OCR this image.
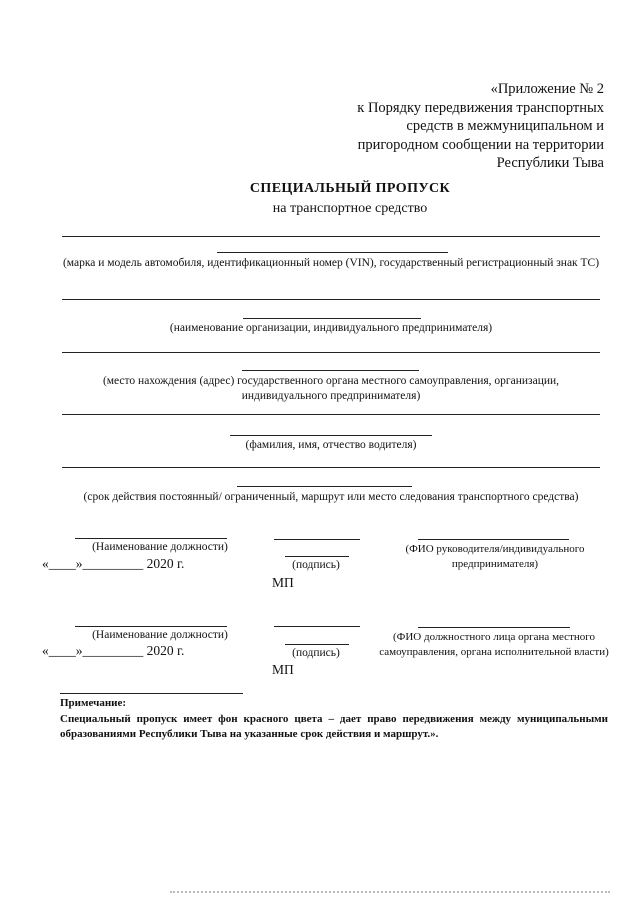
«Приложение № 2
к Порядку передвижения транспортных
средств в межмуниципальном и
пригородном сообщении на территории
Республики Тыва
СПЕЦИАЛЬНЫЙ ПРОПУСК
на транспортное средство
(марка и модель автомобиля, идентификационный номер (VIN), государственный регистрационный знак ТС)
(наименование организации, индивидуального предпринимателя)
(место нахождения (адрес) государственного органа местного самоуправления, организации, индивидуального предпринимателя)
(фамилия, имя, отчество водителя)
(срок действия постоянный/ ограниченный, маршрут или место следования транспортного средства)
(Наименование должности)
«____»_________ 2020 г.	(подпись)
МП
(ФИО руководителя/индивидуального предпринимателя)
(Наименование должности)
«____»_________ 2020 г.	(подпись)
МП
(ФИО должностного лица органа местного самоуправления, органа исполнительной власти)
Примечание:
Специальный пропуск имеет фон красного цвета – дает право передвижения между муниципальными образованиями Республики Тыва на указанные срок действия и маршрут.».
